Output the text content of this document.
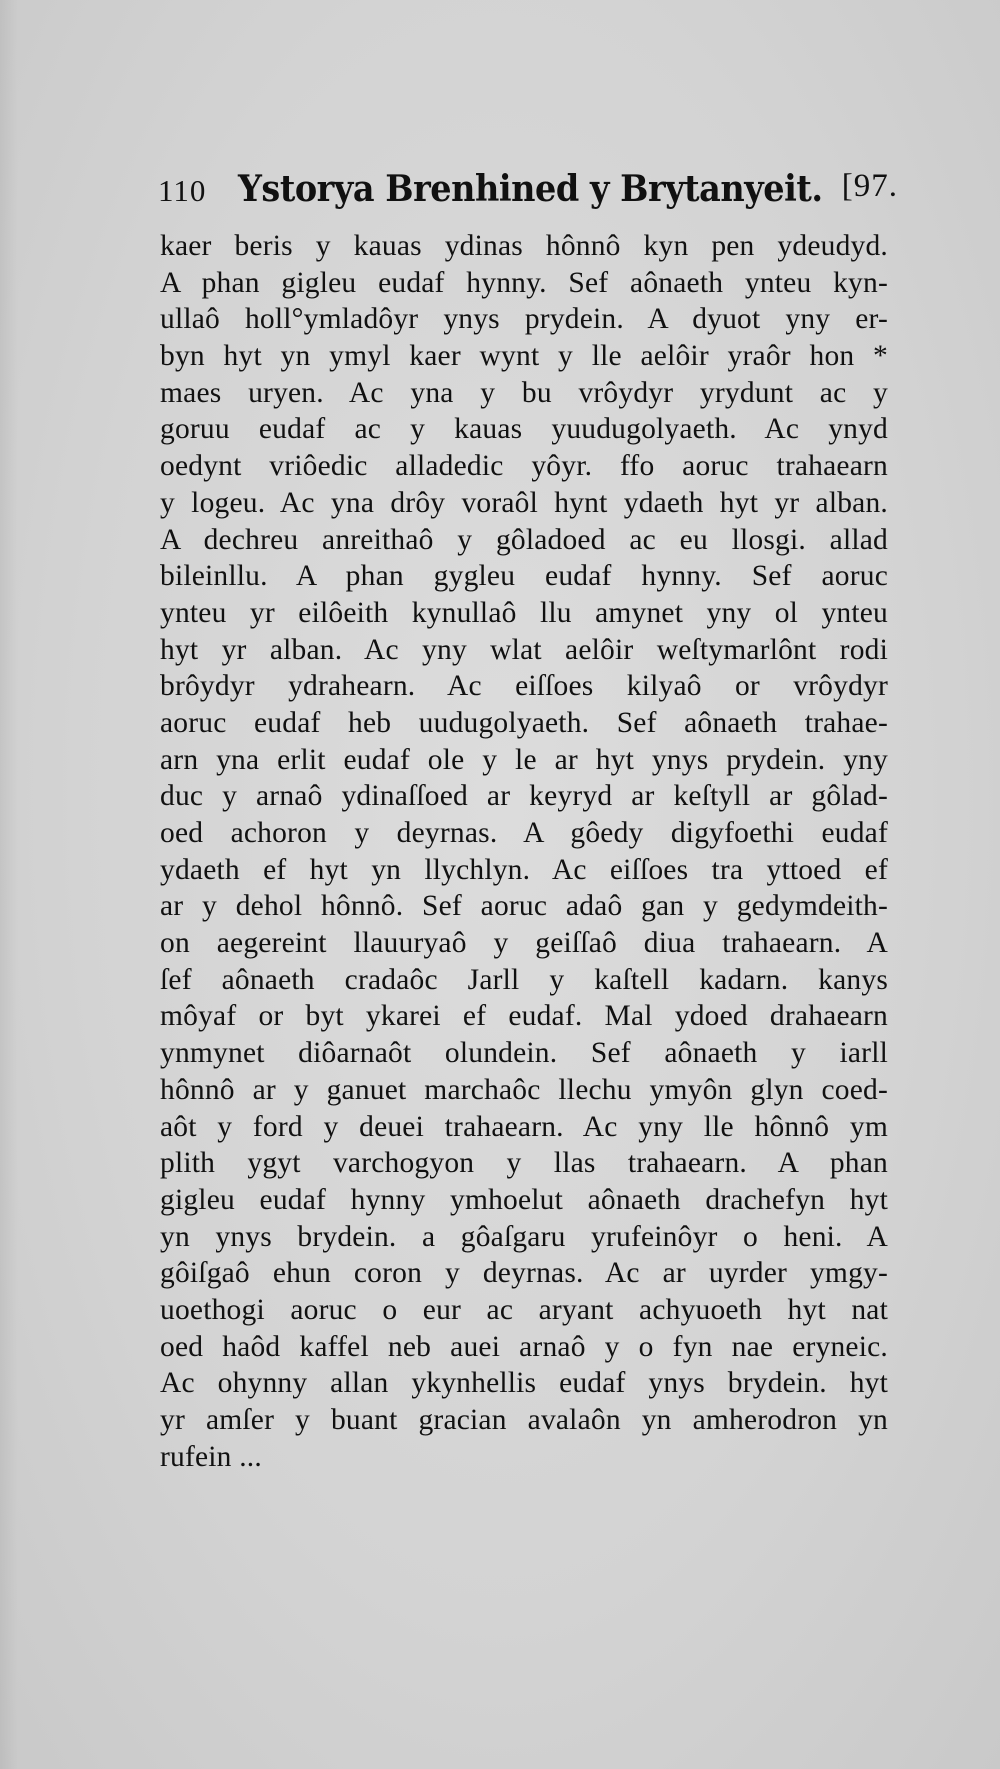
110 Ystorya Brenhined y Brytanyeit. [97.
kaer beris y kauas ydinas hônnô kyn pen ydeudyd.
A phan gigleu eudaf hynny. Sef aônaeth ynteu kyn-
ullaô holl°ymladôyr ynys prydein. A dyuot yny er-
byn hyt yn ymyl kaer wynt y lle aelôir yraôr hon *
maes uryen. Ac yna y bu vrôydyr yrydunt ac y
goruu eudaf ac y kauas yuudugolyaeth. Ac ynyd
oedynt vriôedic alladedic yôyr. ffo aoruc trahaearn
y logeu. Ac yna drôy voraôl hynt ydaeth hyt yr alban.
A dechreu anreithaô y gôladoed ac eu llosgi. allad
bileinllu. A phan gygleu eudaf hynny. Sef aoruc
ynteu yr eilôeith kynullaô llu amynet yny ol ynteu
hyt yr alban. Ac yny wlat aelôir weſtymarlônt rodi
brôydyr ydrahearn. Ac eiſſoes kilyaô or vrôydyr
aoruc eudaf heb uudugolyaeth. Sef aônaeth trahae-
arn yna erlit eudaf ole y le ar hyt ynys prydein. yny
duc y arnaô ydinaſſoed ar keyryd ar keſtyll ar gôlad-
oed achoron y deyrnas. A gôedy digyfoethi eudaf
ydaeth ef hyt yn llychlyn. Ac eiſſoes tra yttoed ef
ar y dehol hônnô. Sef aoruc adaô gan y gedymdeith-
on aegereint llauuryaô y geiſſaô diua trahaearn. A
ſef aônaeth cradaôc Jarll y kaſtell kadarn. kanys
môyaf or byt ykarei ef eudaf. Mal ydoed drahaearn
ynmynet diôarnaôt olundein. Sef aônaeth y iarll
hônnô ar y ganuet marchaôc llechu ymyôn glyn coed-
aôt y ford y deuei trahaearn. Ac yny lle hônnô ym
plith ygyt varchogyon y llas trahaearn. A phan
gigleu eudaf hynny ymhoelut aônaeth drachefyn hyt
yn ynys brydein. a gôaſgaru yrufeinôyr o heni. A
gôiſgaô ehun coron y deyrnas. Ac ar uyrder ymgy-
uoethogi aoruc o eur ac aryant achyuoeth hyt nat
oed haôd kaffel neb auei arnaô y o fyn nae eryneic.
Ac ohynny allan ykynhellis eudaf ynys brydein. hyt
yr amſer y buant gracian avalaôn yn amherodron yn
rufein ...
